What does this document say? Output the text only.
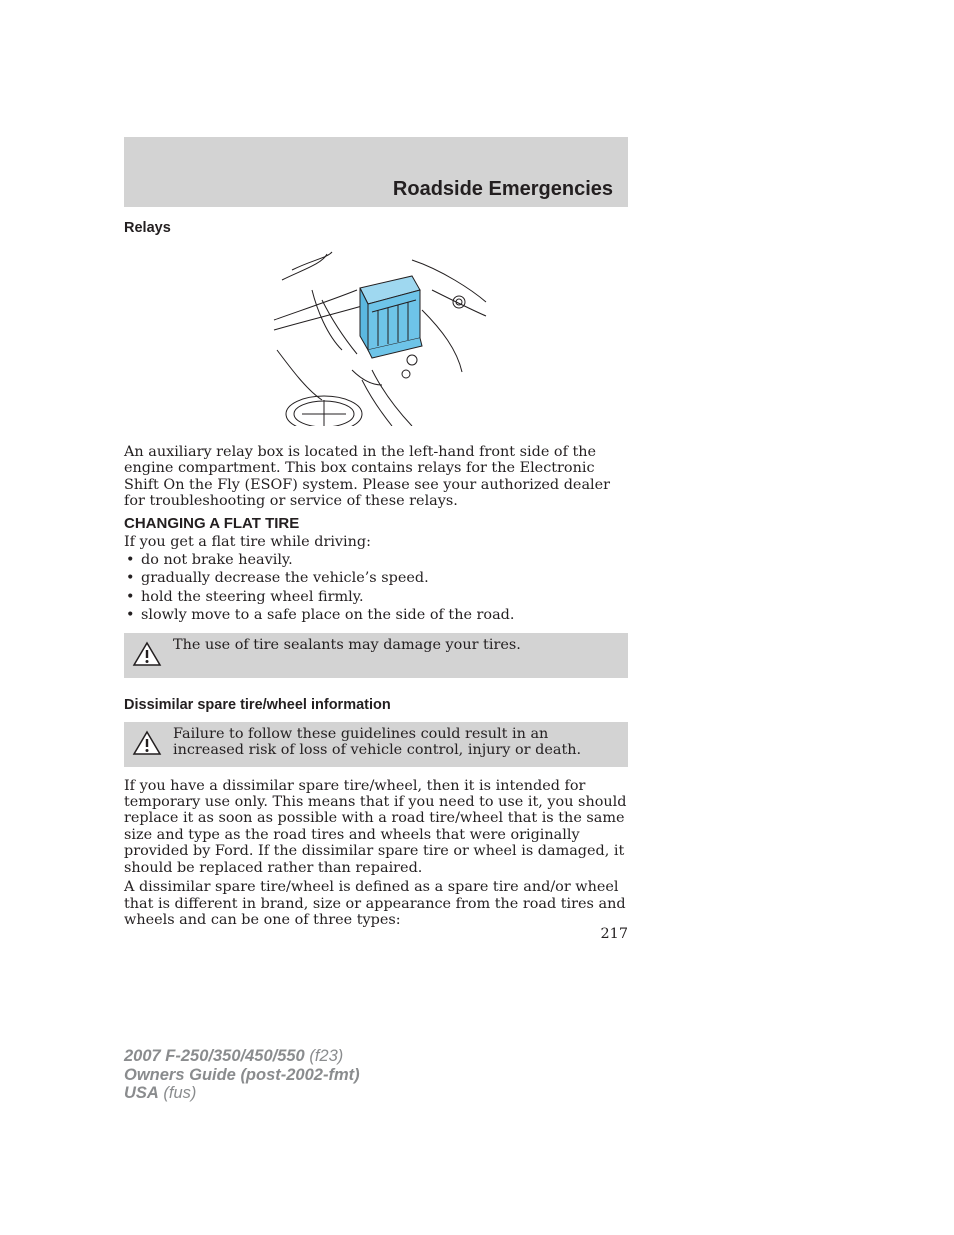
Roadside Emergencies
Relays

An auxiliary relay box is located in the left-hand front side of the engine compartment. This box contains relays for the Electronic Shift On the Fly (ESOF) system. Please see your authorized dealer for troubleshooting or service of these relays.

CHANGING A FLAT TIRE

If you get a flat tire while driving:

• do not brake heavily.
• gradually decrease the vehicle’s speed.
• hold the steering wheel firmly.
• slowly move to a safe place on the side of the road.

The use of tire sealants may damage your tires.

Dissimilar spare tire/wheel information

Failure to follow these guidelines could result in an increased risk of loss of vehicle control, injury or death.

If you have a dissimilar spare tire/wheel, then it is intended for temporary use only. This means that if you need to use it, you should replace it as soon as possible with a road tire/wheel that is the same size and type as the road tires and wheels that were originally provided by Ford. If the dissimilar spare tire or wheel is damaged, it should be replaced rather than repaired.

A dissimilar spare tire/wheel is defined as a spare tire and/or wheel that is different in brand, size or appearance from the road tires and wheels and can be one of three types:

217
2007 F-250/350/450/550 (f23)
Owners Guide (post-2002-fmt)
USA (fus)
